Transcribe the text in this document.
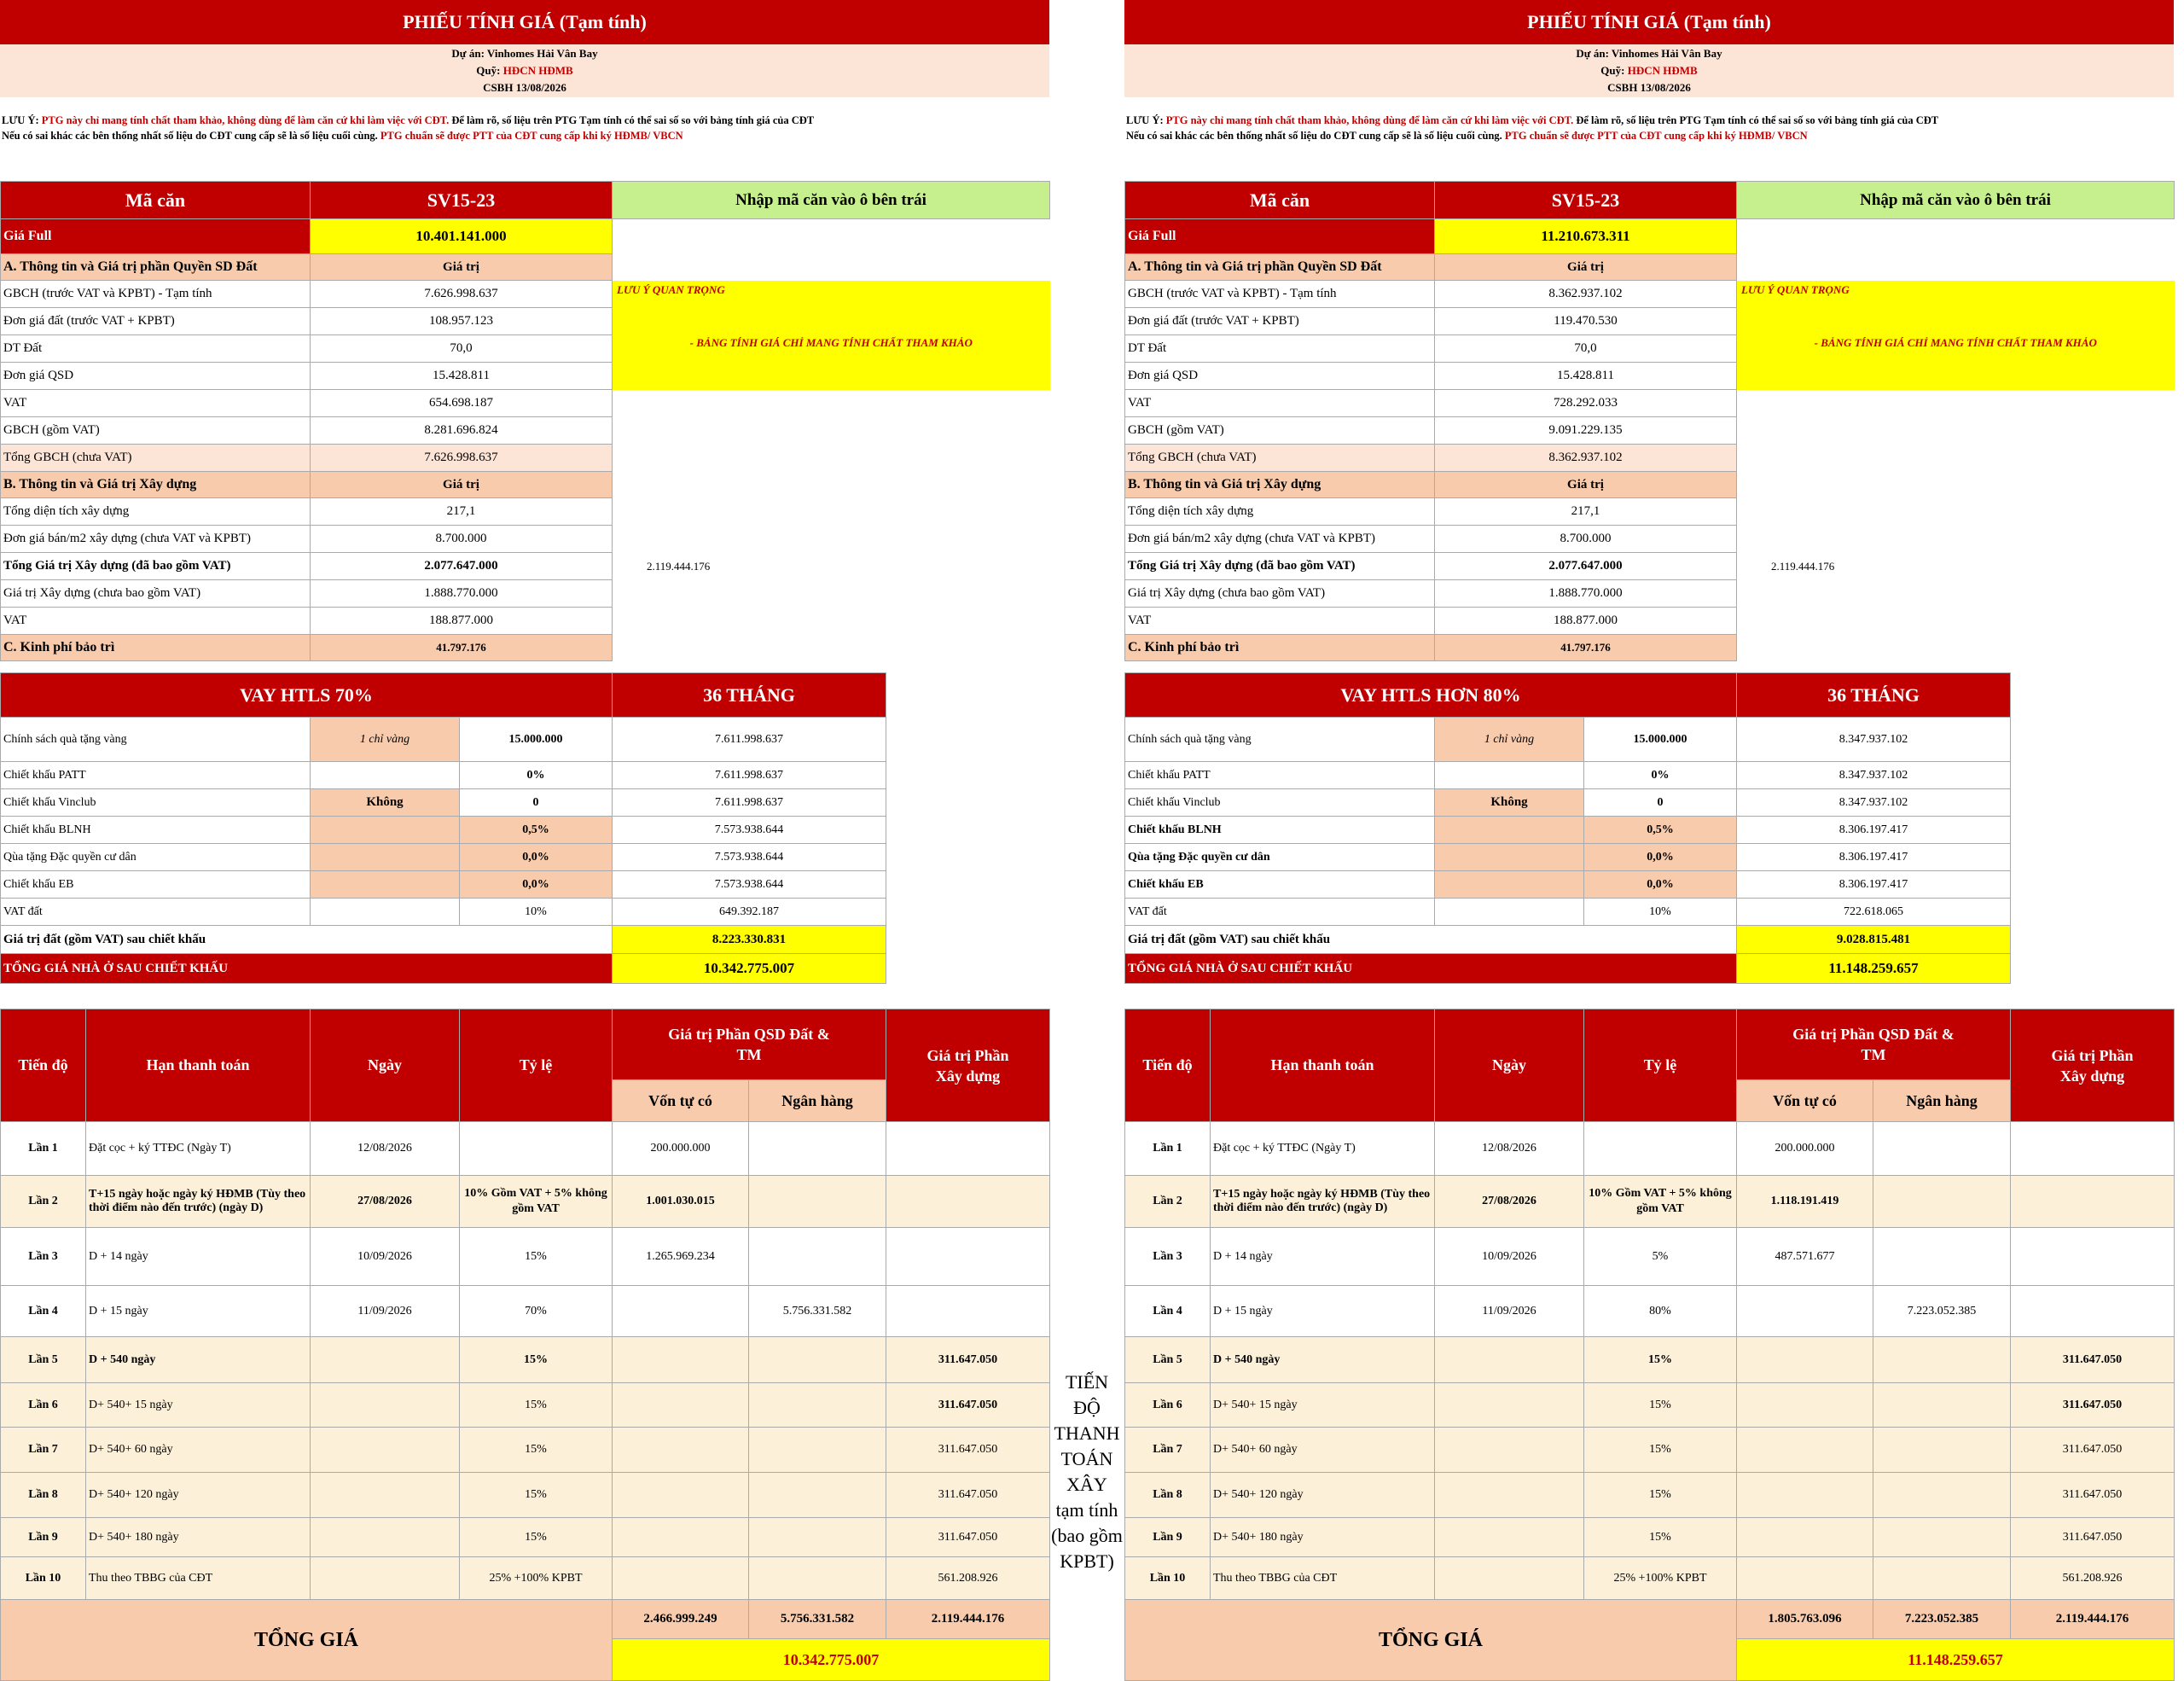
PHIẾU TÍNH GIÁ (Tạm tính)
Dự án: Vinhomes Hải Vân Bay
Quỹ: HĐCN HĐMB
CSBH 13/08/2026
LƯU Ý: PTG này chỉ mang tính chất tham khảo, không dùng để làm căn cứ khi làm việc với CĐT. Để làm rõ, số liệu trên PTG Tạm tính có thể sai số so với bảng tính giá của CĐT
Nếu có sai khác các bên thống nhất số liệu do CĐT cung cấp sẽ là số liệu cuối cùng. PTG chuẩn sẽ được PTT của CĐT cung cấp khi ký HĐMB/ VBCN
Mã căn	SV15-23	Nhập mã căn vào ô bên trái
Giá Full	10.401.141.000	
A. Thông tin và Giá trị phần Quyền SD Đất	Giá trị	
GBCH (trước VAT và KPBT) - Tạm tính	7.626.998.637	LƯU Ý QUAN TRỌNG
- BẢNG TÍNH GIÁ CHỈ MANG TÍNH CHẤT THAM KHẢO

Đơn giá đất (trước VAT + KPBT)	108.957.123	
DT Đất	70,0	
Đơn giá QSD	15.428.811	
VAT	654.698.187	
GBCH (gồm VAT)	8.281.696.824	
Tổng GBCH (chưa VAT)	7.626.998.637	
B. Thông tin và Giá trị Xây dựng	Giá trị	
Tổng diện tích xây dựng	217,1	
Đơn giá bán/m2 xây dựng (chưa VAT và KPBT)	8.700.000	
Tổng Giá trị Xây dựng (đã bao gồm VAT)	2.077.647.000	2.119.444.176
Giá trị Xây dựng (chưa bao gồm VAT)	1.888.770.000	
VAT	188.877.000	
C. Kinh phí bảo trì	41.797.176	
VAY HTLS 70%			36 THÁNG
Chính sách quà tặng vàng	1 chỉ vàng	15.000.000	7.611.998.637
Chiết khấu PATT		0%	7.611.998.637
Chiết khấu Vinclub	Không	0	7.611.998.637
Chiết khấu BLNH		0,5%	7.573.938.644
Qùa tặng Đặc quyền cư dân		0,0%	7.573.938.644
Chiết khấu EB		0,0%	7.573.938.644
VAT đất		10%	649.392.187
Giá trị đất (gồm VAT) sau chiết khấu			8.223.330.831
TỔNG GIÁ NHÀ Ở SAU CHIẾT KHẤU			10.342.775.007
Tiến độ	Hạn thanh toán	Ngày	Tỷ lệ	Giá trị Phần QSD Đất & TM		Giá trị Phần Xây dựng
				Vốn tự có	Ngân hàng	
Lần 1	Đặt cọc + ký TTĐC (Ngày T)	12/08/2026		200.000.000		
Lần 2	T+15 ngày hoặc ngày ký HĐMB (Tùy theo thời điểm nào đến trước) (ngày D)	27/08/2026	10% Gồm VAT + 5% không gồm VAT	1.001.030.015		
Lần 3	D + 14 ngày	10/09/2026	15%	1.265.969.234		
Lần 4	D + 15 ngày	11/09/2026	70%		5.756.331.582	
Lần 5	D + 540 ngày		15%			311.647.050
Lần 6	D+ 540+ 15 ngày		15%			311.647.050
Lần 7	D+ 540+ 60 ngày		15%			311.647.050
Lần 8	D+ 540+ 120 ngày		15%			311.647.050
Lần 9	D+ 540+ 180 ngày		15%			311.647.050
Lần 10	Thu theo TBBG của CĐT		25% +100% KPBT			561.208.926
TỔNG GIÁ				2.466.999.249	5.756.331.582	2.119.444.176
				10.342.775.007		
PHIẾU TÍNH GIÁ (Tạm tính)
Dự án: Vinhomes Hải Vân Bay
Quỹ: HĐCN HĐMB
CSBH 13/08/2026
LƯU Ý: PTG này chỉ mang tính chất tham khảo, không dùng để làm căn cứ khi làm việc với CĐT. Để làm rõ, số liệu trên PTG Tạm tính có thể sai số so với bảng tính giá của CĐT
Nếu có sai khác các bên thống nhất số liệu do CĐT cung cấp sẽ là số liệu cuối cùng. PTG chuẩn sẽ được PTT của CĐT cung cấp khi ký HĐMB/ VBCN
Mã căn	SV15-23	Nhập mã căn vào ô bên trái
Giá Full	11.210.673.311	
A. Thông tin và Giá trị phần Quyền SD Đất	Giá trị	
GBCH (trước VAT và KPBT) - Tạm tính	8.362.937.102	LƯU Ý QUAN TRỌNG
- BẢNG TÍNH GIÁ CHỈ MANG TÍNH CHẤT THAM KHẢO

Đơn giá đất (trước VAT + KPBT)	119.470.530	
DT Đất	70,0	
Đơn giá QSD	15.428.811	
VAT	728.292.033	
GBCH (gồm VAT)	9.091.229.135	
Tổng GBCH (chưa VAT)	8.362.937.102	
B. Thông tin và Giá trị Xây dựng	Giá trị	
Tổng diện tích xây dựng	217,1	
Đơn giá bán/m2 xây dựng (chưa VAT và KPBT)	8.700.000	
Tổng Giá trị Xây dựng (đã bao gồm VAT)	2.077.647.000	2.119.444.176
Giá trị Xây dựng (chưa bao gồm VAT)	1.888.770.000	
VAT	188.877.000	
C. Kinh phí bảo trì	41.797.176	
VAY HTLS HƠN 80%			36 THÁNG
Chính sách quà tặng vàng	1 chỉ vàng	15.000.000	8.347.937.102
Chiết khấu PATT		0%	8.347.937.102
Chiết khấu Vinclub	Không	0	8.347.937.102
Chiết khấu BLNH		0,5%	8.306.197.417
Qùa tặng Đặc quyền cư dân		0,0%	8.306.197.417
Chiết khấu EB		0,0%	8.306.197.417
VAT đất		10%	722.618.065
Giá trị đất (gồm VAT) sau chiết khấu			9.028.815.481
TỔNG GIÁ NHÀ Ở SAU CHIẾT KHẤU			11.148.259.657
Tiến độ	Hạn thanh toán	Ngày	Tỷ lệ	Giá trị Phần QSD Đất & TM		Giá trị Phần Xây dựng
				Vốn tự có	Ngân hàng	
Lần 1	Đặt cọc + ký TTĐC (Ngày T)	12/08/2026		200.000.000		
Lần 2	T+15 ngày hoặc ngày ký HĐMB (Tùy theo thời điểm nào đến trước) (ngày D)	27/08/2026	10% Gồm VAT + 5% không gồm VAT	1.118.191.419		
Lần 3	D + 14 ngày	10/09/2026	5%	487.571.677		
Lần 4	D + 15 ngày	11/09/2026	80%		7.223.052.385	
Lần 5	D + 540 ngày		15%			311.647.050
Lần 6	D+ 540+ 15 ngày		15%			311.647.050
Lần 7	D+ 540+ 60 ngày		15%			311.647.050
Lần 8	D+ 540+ 120 ngày		15%			311.647.050
Lần 9	D+ 540+ 180 ngày		15%			311.647.050
Lần 10	Thu theo TBBG của CĐT		25% +100% KPBT			561.208.926
TỔNG GIÁ				1.805.763.096	7.223.052.385	2.119.444.176
				11.148.259.657		
TIẾN ĐỘ THANH TOÁN XÂY tạm tính (bao gồm KPBT)
